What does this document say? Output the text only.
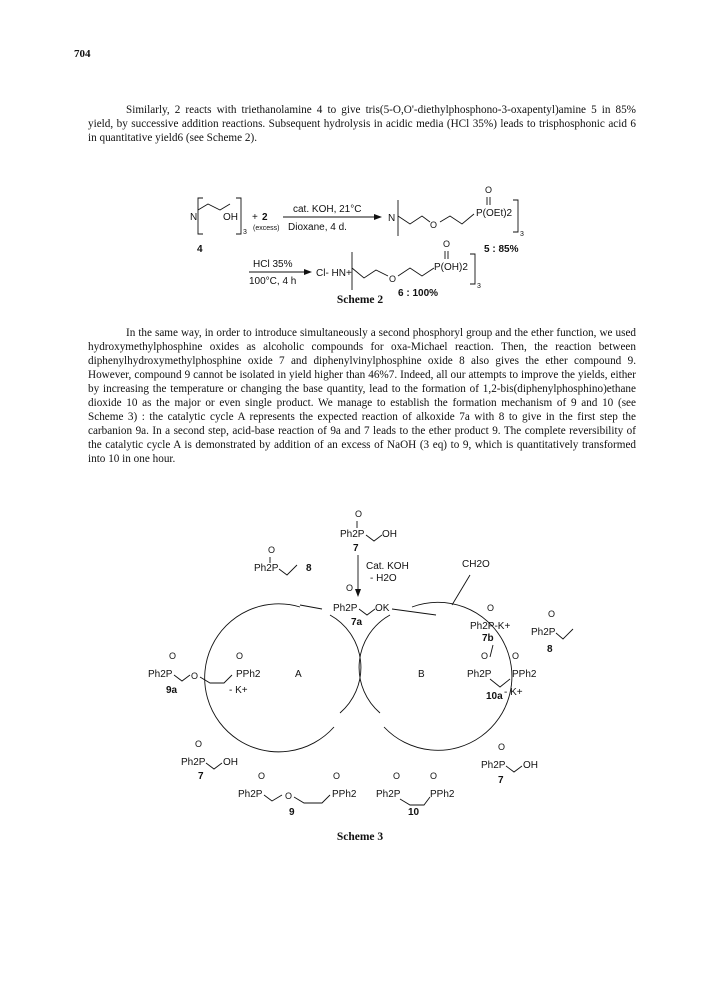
704

Similarly, 2 reacts with triethanolamine 4 to give tris(5-O,O'-diethylphosphono-3-oxapentyl)amine 5 in 85% yield, by successive addition reactions. Subsequent hydrolysis in acidic media (HCl 35%) leads to trisphosphonic acid 6 in quantitative yield6 (see Scheme 2).

N	OH
3
+ 2
(excess)
4
cat. KOH, 21°C
Dioxane, 4 d.
N
O
P(OEt)2
O
3
5 : 85%
HCl 35%
100°C, 4 h
Cl- HN+	O
P(OH)2
O
3
6 : 100%
Scheme 2

In the same way, in order to introduce simultaneously a second phosphoryl group and the ether function, we used hydroxymethylphosphine oxides as alcoholic compounds for oxa-Michael reaction. Then, the reaction between diphenylhydroxymethylphosphine oxide 7 and diphenylvinylphosphine oxide 8 also gives the ether compound 9. However, compound 9 cannot be isolated in yield higher than 46%7. Indeed, all our attempts to improve the yields, either by increasing the temperature or changing the base quantity, lead to the formation of 1,2-bis(diphenylphosphino)ethane dioxide 10 as the major or even single product. We manage to establish the formation mechanism of 9 and 10 (see Scheme 3) : the catalytic cycle A represents the expected reaction of alkoxide 7a with 8 to give in the first step the carbanion 9a. In a second step, acid-base reaction of 9a and 7 leads to the ether product 9. The complete reversibility of the catalytic cycle A is demonstrated by addition of an excess of NaOH (3 eq) to 9, which is quantitatively transformed into 10 in one hour.

O
Ph2P OH
7
Cat. KOH
- H2O
O
Ph2P OK
7a
O
Ph2P	8	CH2O
O
Ph2P-K+
7b
O
Ph2P
8
O
Ph2P O
O
PPh2
9a	- K+
O	O
Ph2P PPh2
- K+
10a
A	B
O
Ph2P OH
7
O
Ph2P OH
7
O
Ph2P	O
O
PPh2
9
O
Ph2P
O
PPh2
10
Scheme 3
